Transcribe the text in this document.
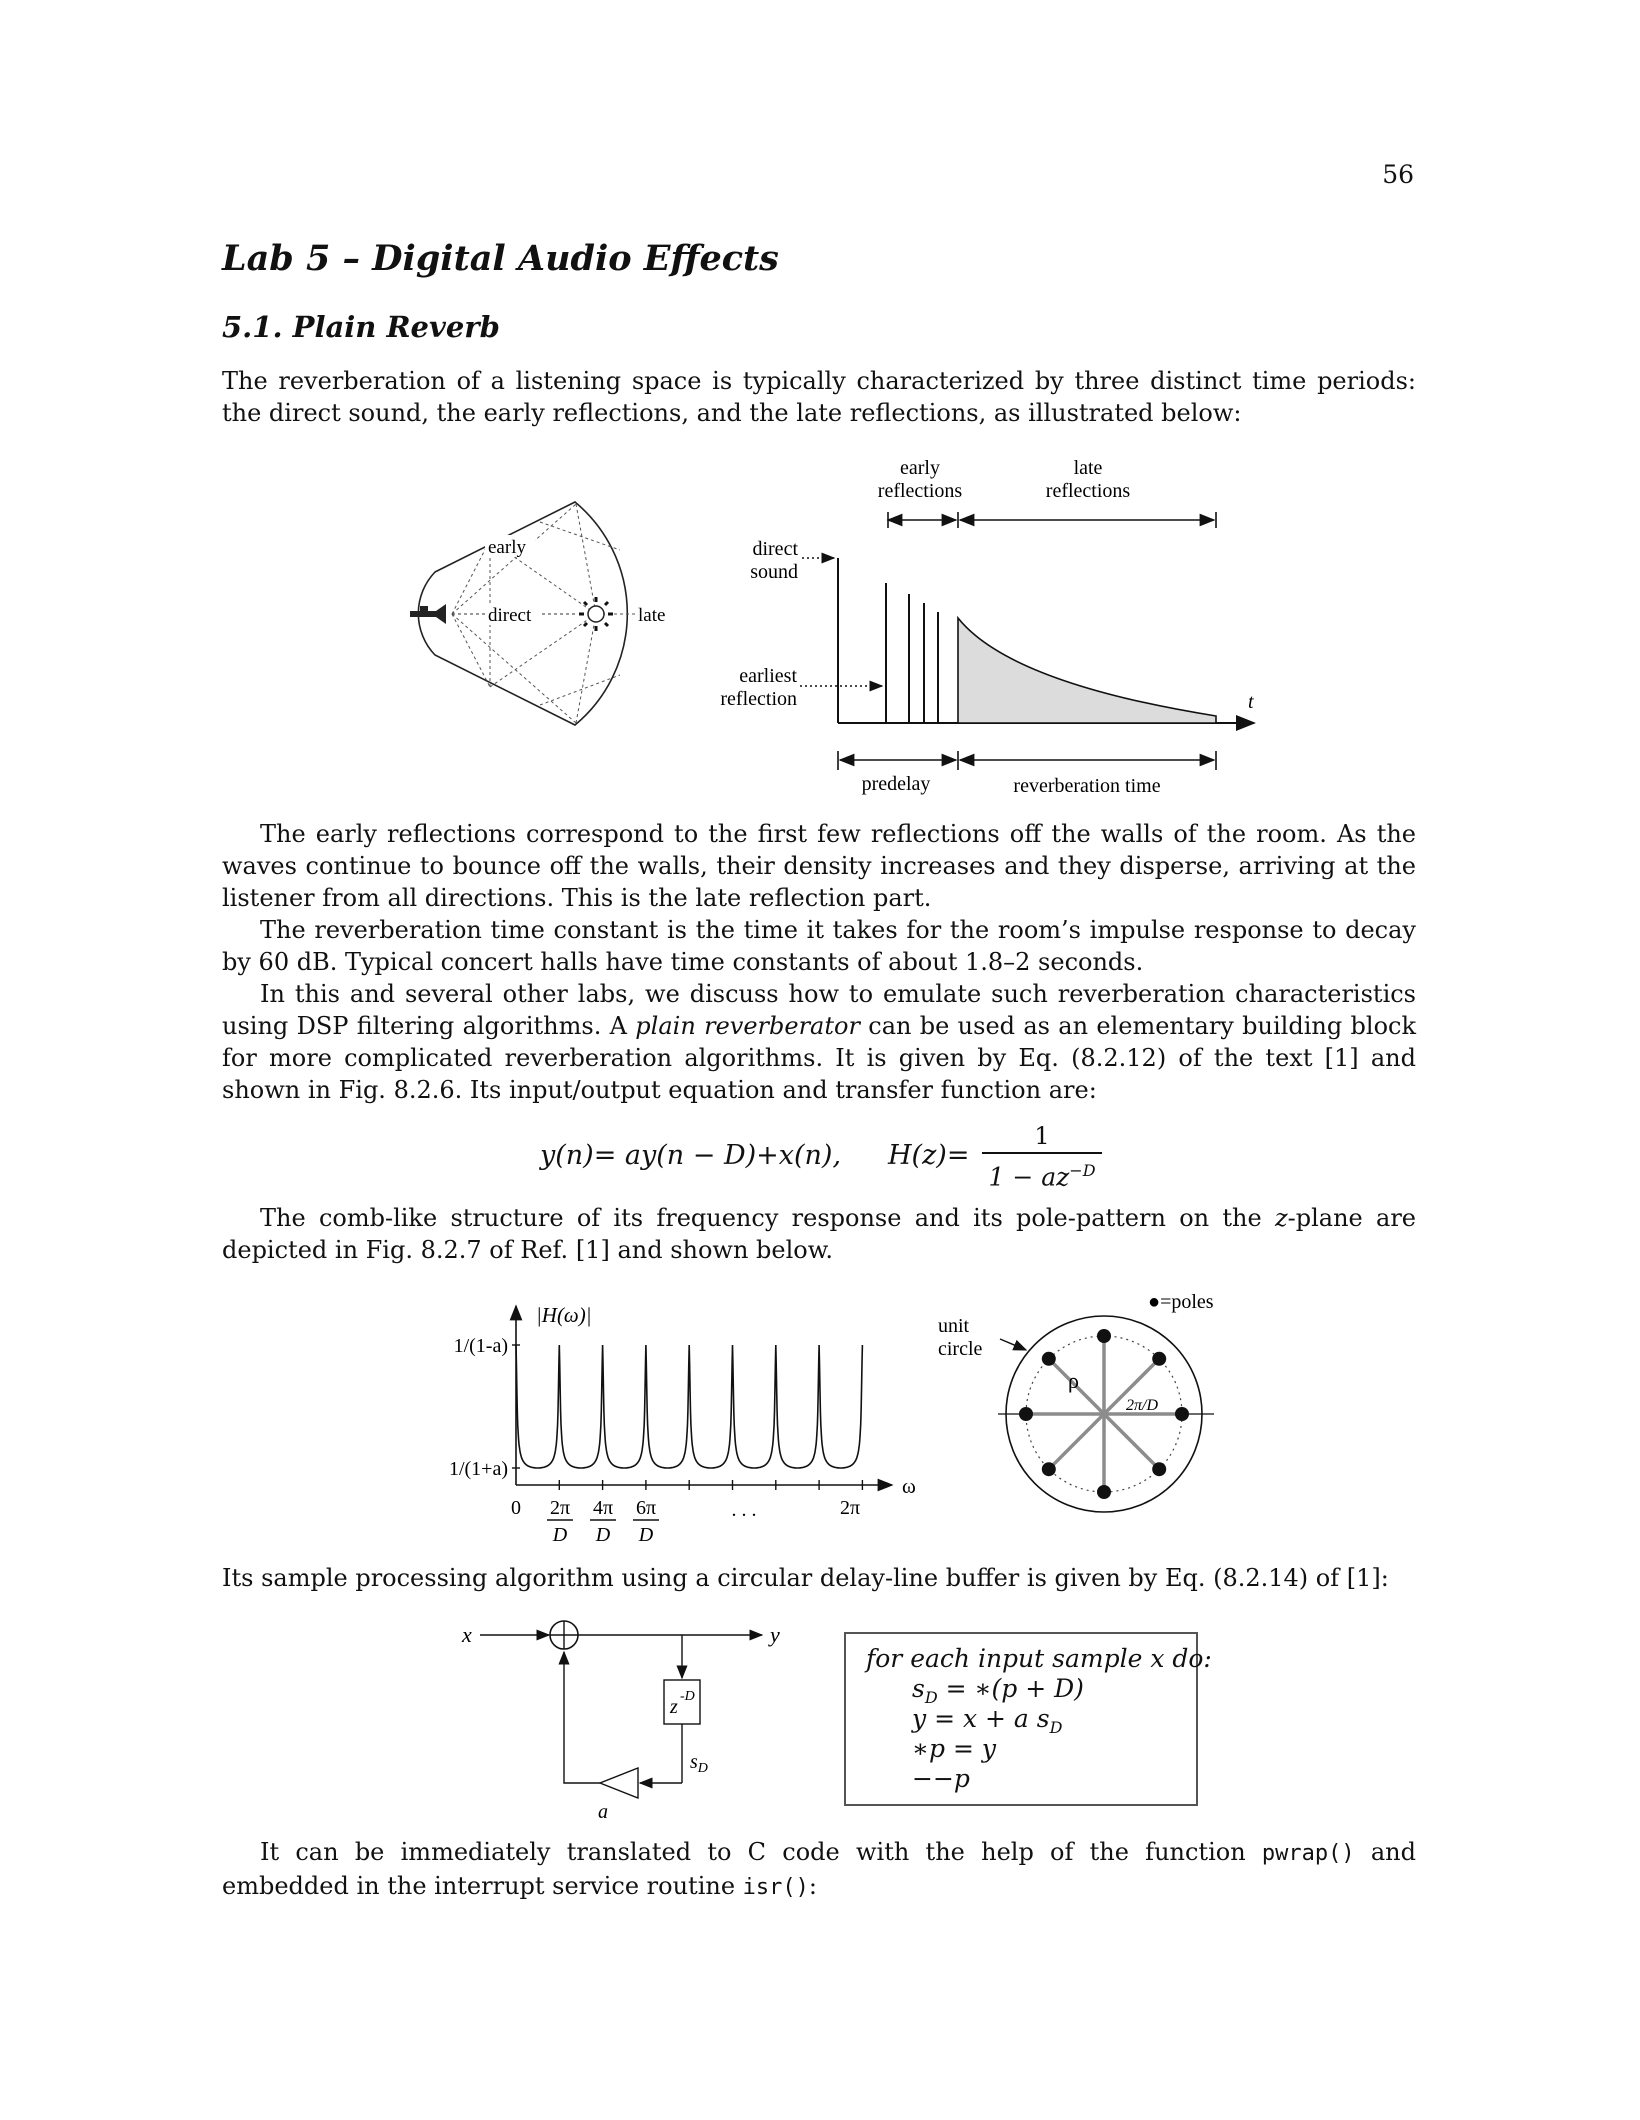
56
Lab 5 – Digital Audio Effects
5.1. Plain Reverb

The reverberation of a listening space is typically characterized by three distinct time periods: the direct sound, the early reflections, and the late reflections, as illustrated below:

early
direct	late
early
reflections
late
reflections
direct
sound
earliest
reflection	t
predelay	reverberation time

The early reflections correspond to the first few reflections off the walls of the room. As the waves continue to bounce off the walls, their density increases and they disperse, arriving at the listener from all directions. This is the late reflection part.

The reverberation time constant is the time it takes for the room’s impulse response to decay by 60 dB. Typical concert halls have time constants of about 1.8–2 seconds.

In this and several other labs, we discuss how to emulate such reverberation characteristics using DSP filtering algorithms. A plain reverberator can be used as an elementary building block for more complicated reverberation algorithms. It is given by Eq. (8.2.12) of the text [1] and shown in Fig. 8.2.6. Its input/output equation and transfer function are:

y(n)= ay(n − D)+x(n), H(z)=
1
$1 - az^{-D}$

The comb-like structure of its frequency response and its pole-pattern on the z-plane are depicted in Fig. 8.2.7 of Ref. [1] and shown below.

|H(ω)|
1/(1-a)
1/(1+a)
0 2π 4π 6π
D D D
. . .	2π
ω
●=poles
unit
circle
ρ
2π/D

Its sample processing algorithm using a circular delay-line buffer is given by Eq. (8.2.14) of [1]:

x	y
z -D
$s_D$
a
for each input sample x do:
$s_D$ = ∗(p + D)
y = x + a $s_D$
∗p = y
−−p

It can be immediately translated to C code with the help of the function pwrap() and embedded in the interrupt service routine isr():
